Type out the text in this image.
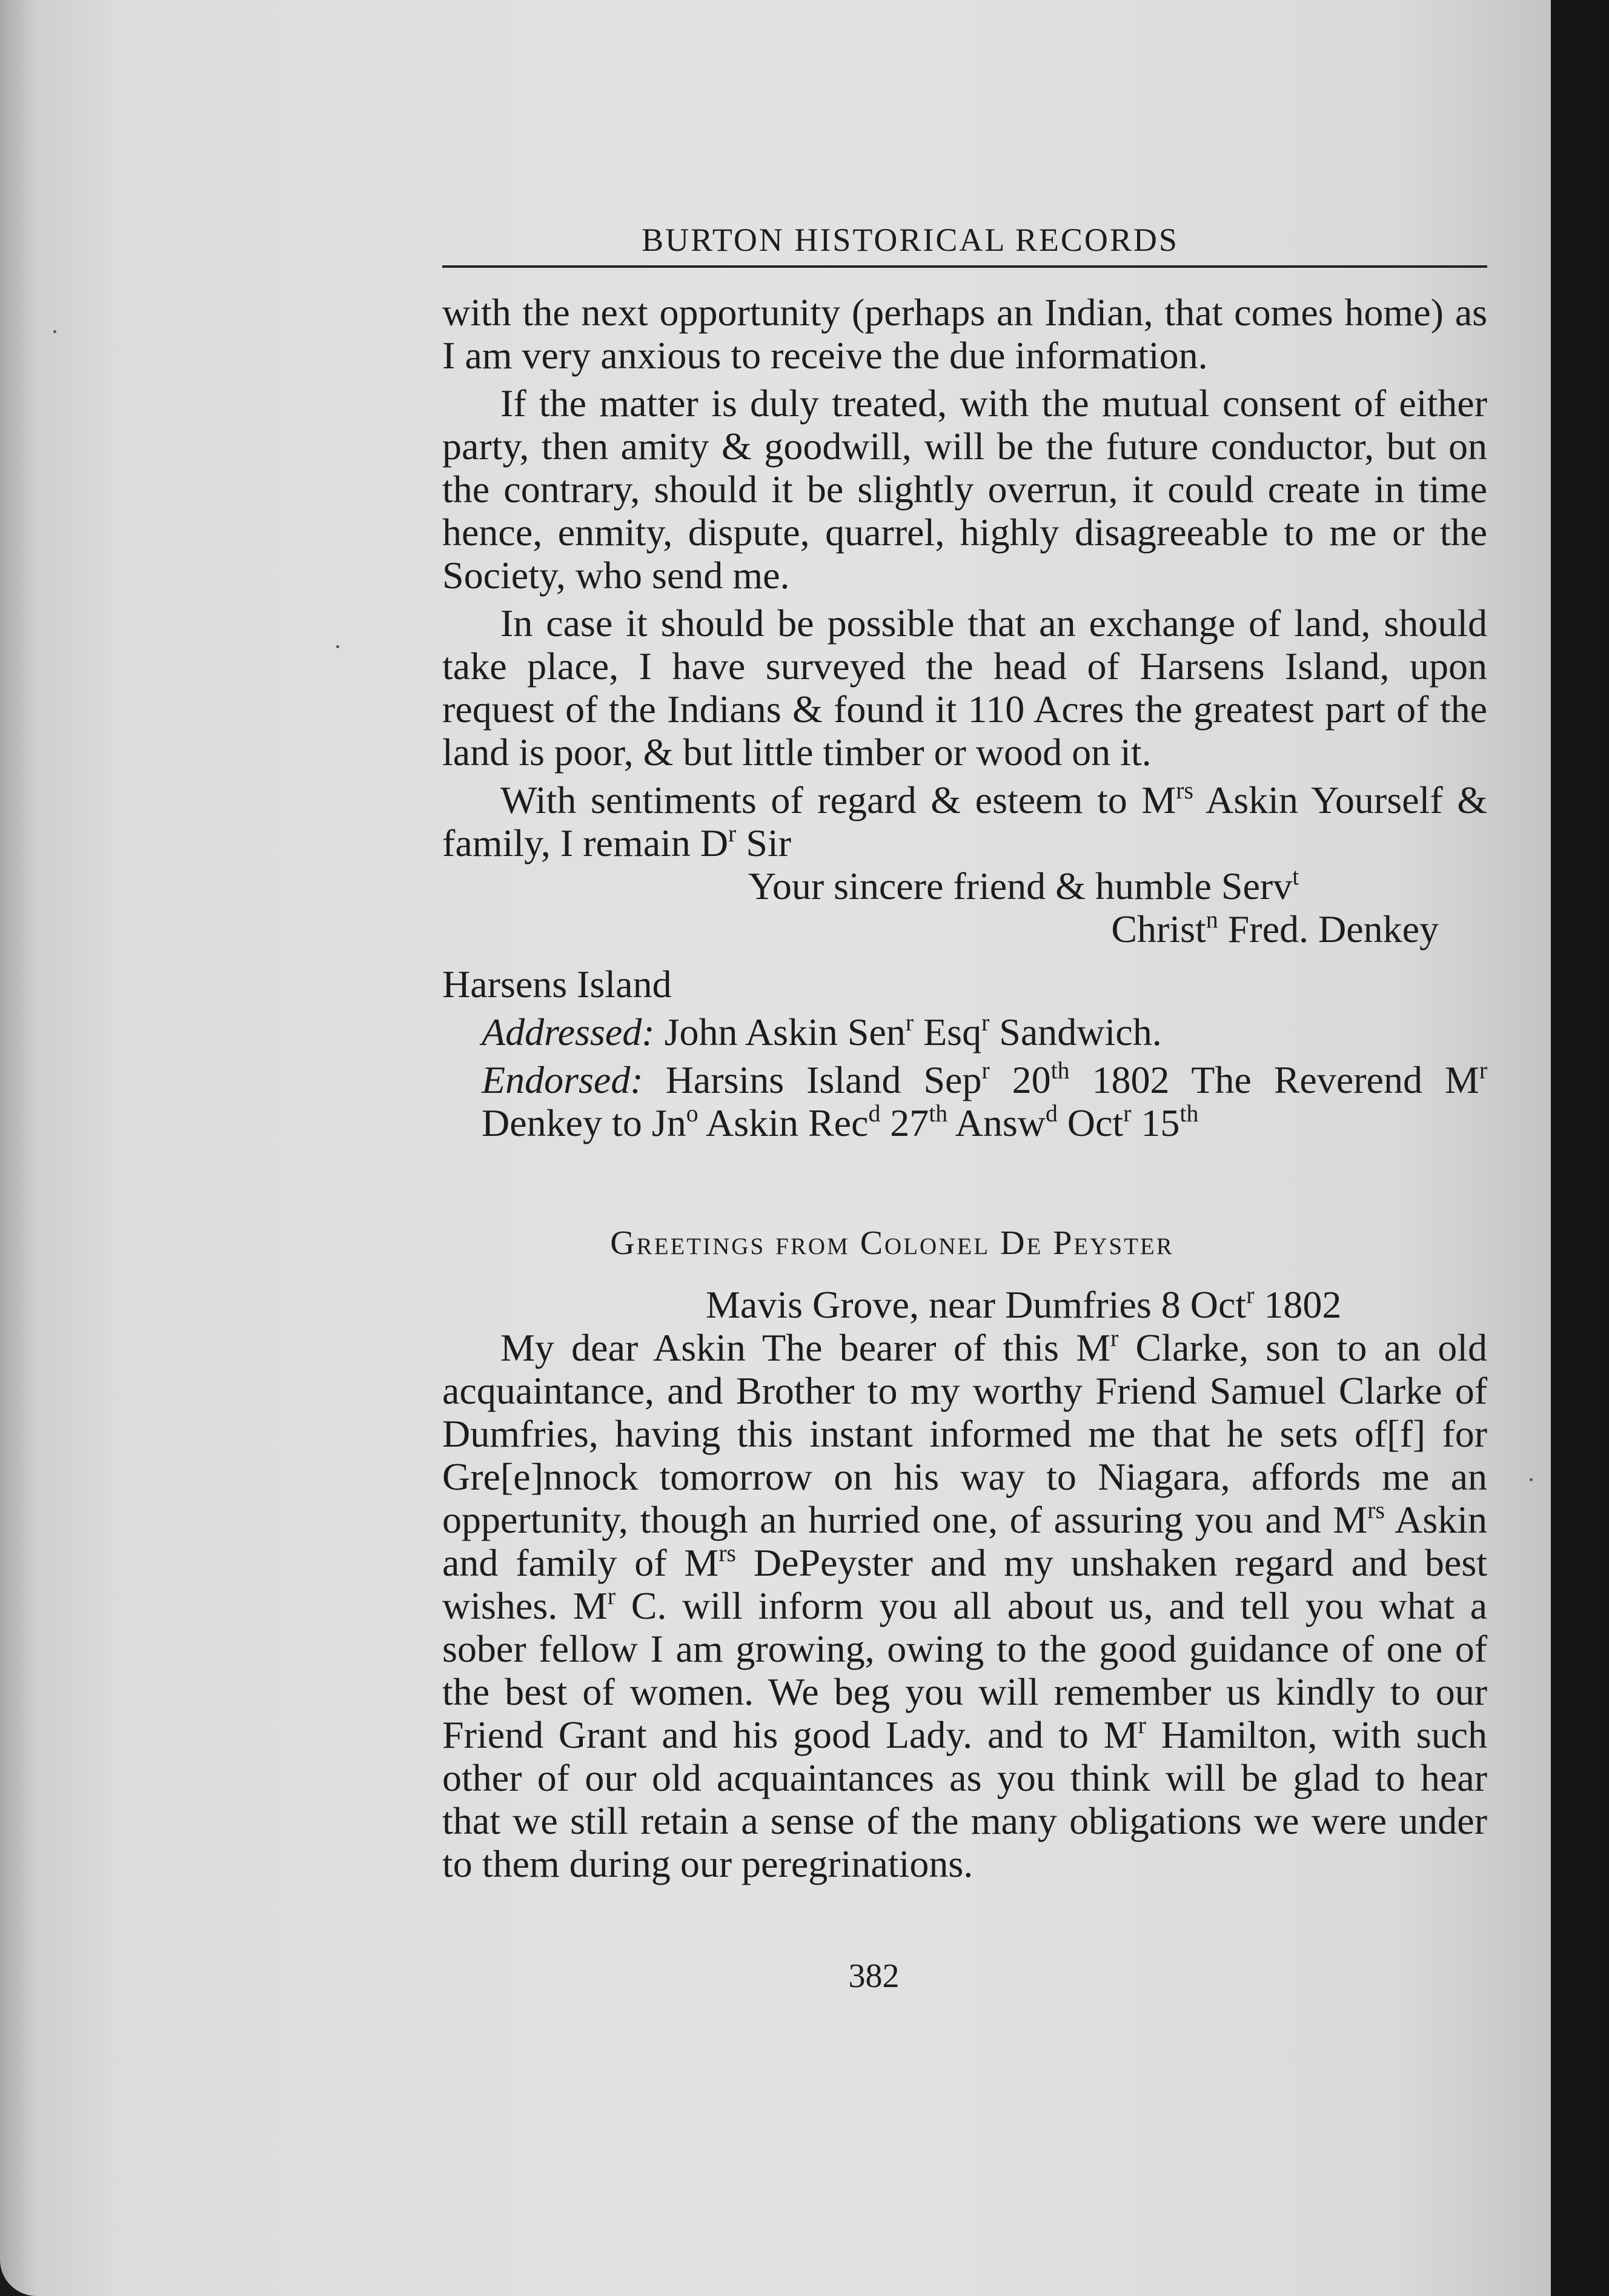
BURTON HISTORICAL RECORDS

with the next opportunity (perhaps an Indian, that comes home) as I am very anxious to receive the due information.

If the matter is duly treated, with the mutual consent of either party, then amity & goodwill, will be the future conductor, but on the contrary, should it be slightly overrun, it could create in time hence, enmity, dispute, quarrel, highly disagreeable to me or the Society, who send me.

In case it should be possible that an exchange of land, should take place, I have surveyed the head of Harsens Island, upon request of the Indians & found it 110 Acres the greatest part of the land is poor, & but little timber or wood on it.

With sentiments of regard & esteem to $M^{rs}$ Askin Yourself & family, I remain $D^r$ Sir

Your sincere friend & humble Serv$^t$

Christ$^n$ Fred. Denkey

Harsens Island

Addressed: John Askin Sen$^r$ Esq$^r$ Sandwich.

Endorsed: Harsins Island Sep$^r$ 20th 1802 The Reverend $M^r$ Denkey to Jn$^o$ Askin Rec$^d$ 27th Answ$^d$ Oct$^r$ 15th

Greetings from Colonel De Peyster

Mavis Grove, near Dumfries 8 Oct$^r$ 1802

My dear Askin The bearer of this $M^r$ Clarke, son to an old acquaintance, and Brother to my worthy Friend Samuel Clarke of Dumfries, having this instant informed me that he sets of[f] for Gre[e]nnock tomorrow on his way to Niagara, affords me an oppertunity, though an hurried one, of assuring you and $M^{rs}$ Askin and family of $M^{rs}$ DePeyster and my unshaken regard and best wishes. $M^r$ C. will inform you all about us, and tell you what a sober fellow I am growing, owing to the good guidance of one of the best of women. We beg you will remember us kindly to our Friend Grant and his good Lady. and to $M^r$ Hamilton, with such other of our old acquaintances as you think will be glad to hear that we still retain a sense of the many obligations we were under to them during our peregrinations.

382
